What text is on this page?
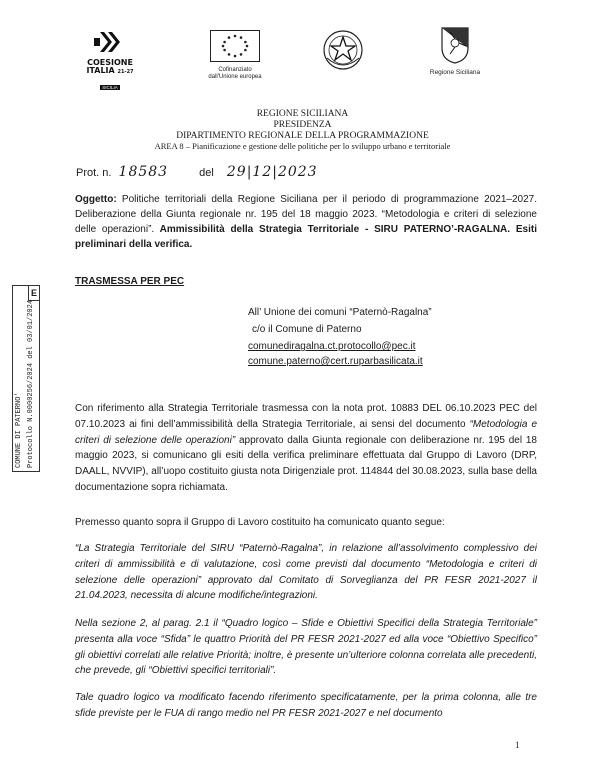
COESIONE
ITALIA 21-27
SICILIA
Cofinanziato
dall'Unione europea
Regione Siciliana
REGIONE SICILIANA
PRESIDENZA
DIPARTIMENTO REGIONALE DELLA PROGRAMMAZIONE
AREA 8 – Pianificazione e gestione delle politiche per lo sviluppo urbano e territoriale
Prot. n. 18583	del 29|12|2023
Oggetto: Politiche territoriali della Regione Siciliana per il periodo di programmazione 2021–2027. Deliberazione della Giunta regionale nr. 195 del 18 maggio 2023. “Metodologia e criteri di selezione delle operazioni”. Ammissibilità della Strategia Territoriale - SIRU PATERNO’-RAGALNA. Esiti preliminari della verifica.
TRASMESSA PER PEC
All’ Unione dei comuni “Paternò-Ragalna”
c/o il Comune di Paterno
comunediragalna.ct.protocollo@pec.it
comune.paterno@cert.ruparbasilicata.it
E
COMUNE DI PATERNO' Protocollo N.0000256/2024 del 03/01/2024	Con riferimento alla Strategia Territoriale trasmessa con la nota prot. 10883 DEL 06.10.2023 PEC del 07.10.2023 ai fini dell’ammissibilità della Strategia Territoriale, ai sensi del documento “Metodologia e criteri di selezione delle operazioni” approvato dalla Giunta regionale con deliberazione nr. 195 del 18 maggio 2023, si comunicano gli esiti della verifica preliminare effettuata dal Gruppo di Lavoro (DRP, DAALL, NVVIP), all’uopo costituito giusta nota Dirigenziale prot. 114844 del 30.08.2023, sulla base della documentazione sopra richiamata.
Premesso quanto sopra il Gruppo di Lavoro costituito ha comunicato quanto segue:
“La Strategia Territoriale del SIRU “Paternò-Ragalna”, in relazione all’assolvimento complessivo dei criteri di ammissibilità e di valutazione, così come previsti dal documento “Metodologia e criteri di selezione delle operazioni” approvato dal Comitato di Sorveglianza del PR FESR 2021-2027 il 21.04.2023, necessita di alcune modifiche/integrazioni.
Nella sezione 2, al parag. 2.1 il “Quadro logico – Sfide e Obiettivi Specifici della Strategia Territoriale” presenta alla voce “Sfida” le quattro Priorità del PR FESR 2021-2027 ed alla voce “Obiettivo Specifico” gli obiettivi correlati alle relative Priorità; inoltre, è presente un’ulteriore colonna correlata alle precedenti, che prevede, gli “Obiettivi specifici territoriali”.
Tale quadro logico va modificato facendo riferimento specificatamente, per la prima colonna, alle tre sfide previste per le FUA di rango medio nel PR FESR 2021-2027 e nel documento
1
